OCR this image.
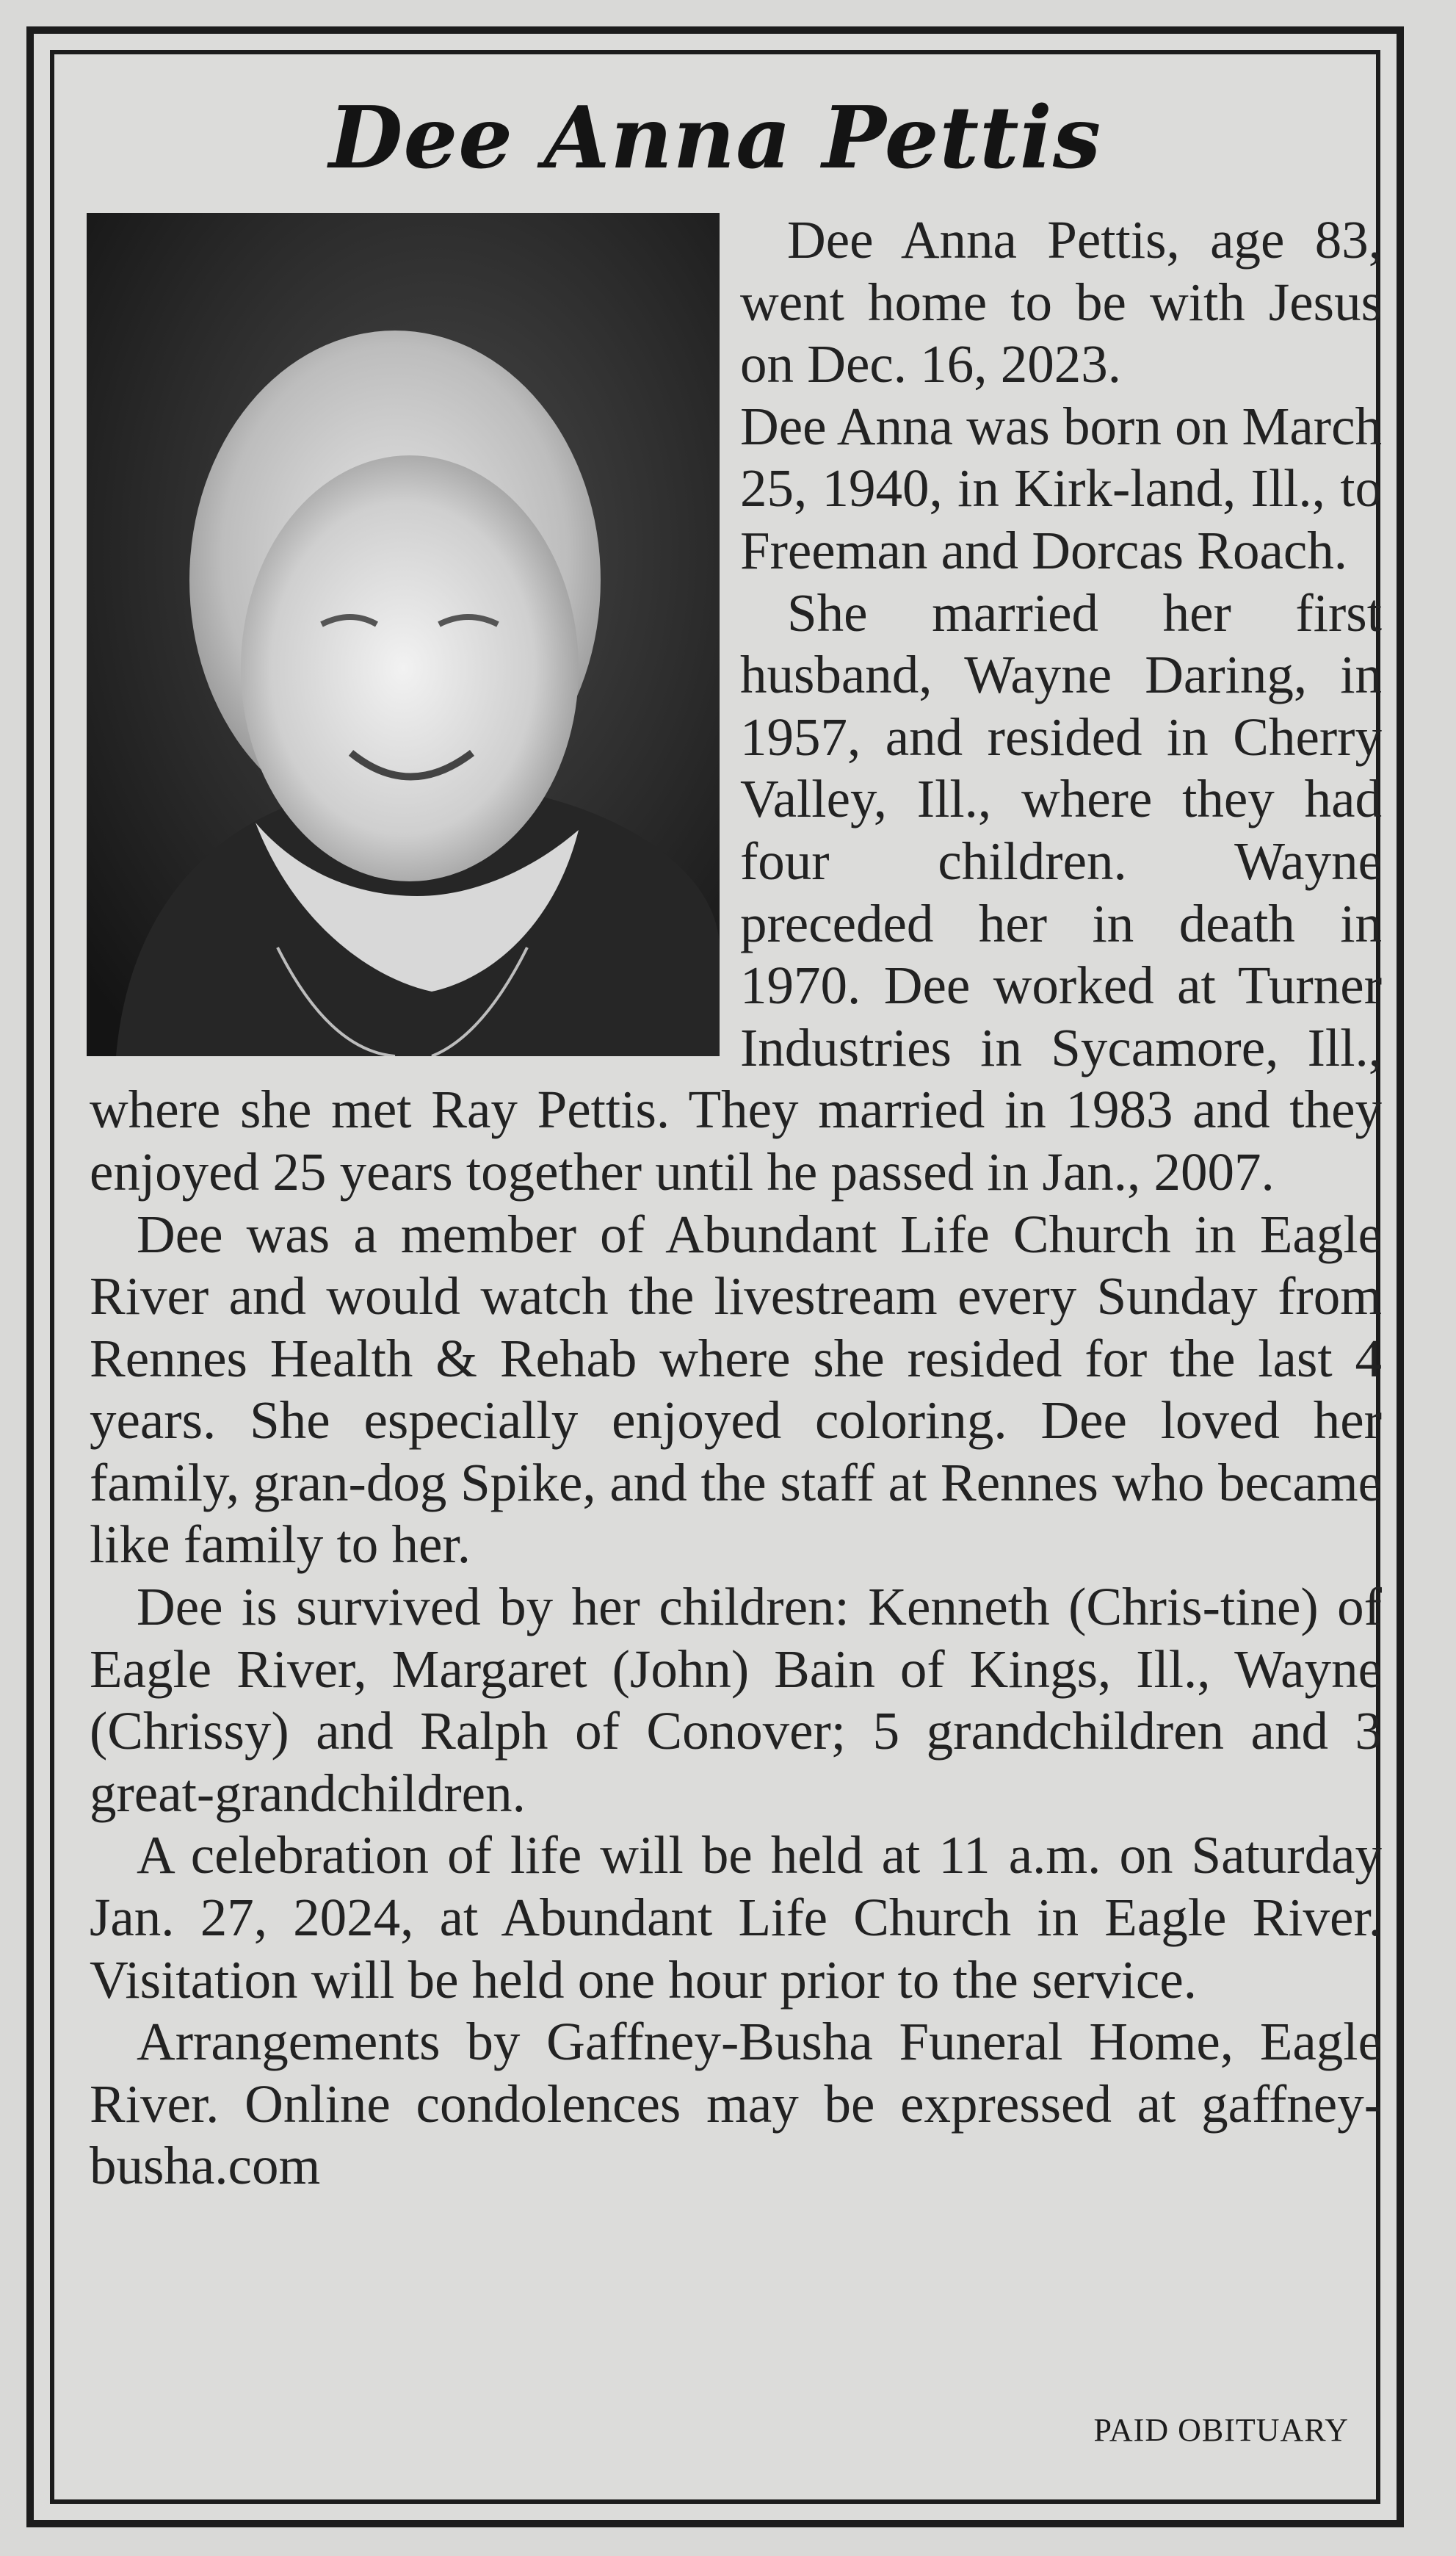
Dee Anna Pettis

Dee Anna Pettis, age 83, went home to be with Jesus on Dec. 16, 2023.

Dee Anna was born on March 25, 1940, in Kirk-land, Ill., to Freeman and Dorcas Roach.

She married her first husband, Wayne Daring, in 1957, and resided in Cherry Valley, Ill., where they had four children. Wayne preceded her in death in 1970. Dee worked at Turner Industries in Sycamore, Ill., where she met Ray Pettis. They married in 1983 and they enjoyed 25 years together until he passed in Jan., 2007.

Dee was a member of Abundant Life Church in Eagle River and would watch the livestream every Sunday from Rennes Health & Rehab where she resided for the last 4 years. She especially enjoyed coloring. Dee loved her family, gran-dog Spike, and the staff at Rennes who became like family to her.

Dee is survived by her children: Kenneth (Chris-tine) of Eagle River, Margaret (John) Bain of Kings, Ill., Wayne (Chrissy) and Ralph of Conover; 5 grandchildren and 3 great-grandchildren.

A celebration of life will be held at 11 a.m. on Saturday Jan. 27, 2024, at Abundant Life Church in Eagle River. Visitation will be held one hour prior to the service.

Arrangements by Gaffney-Busha Funeral Home, Eagle River. Online condolences may be expressed at gaffney-busha.com

PAID OBITUARY
